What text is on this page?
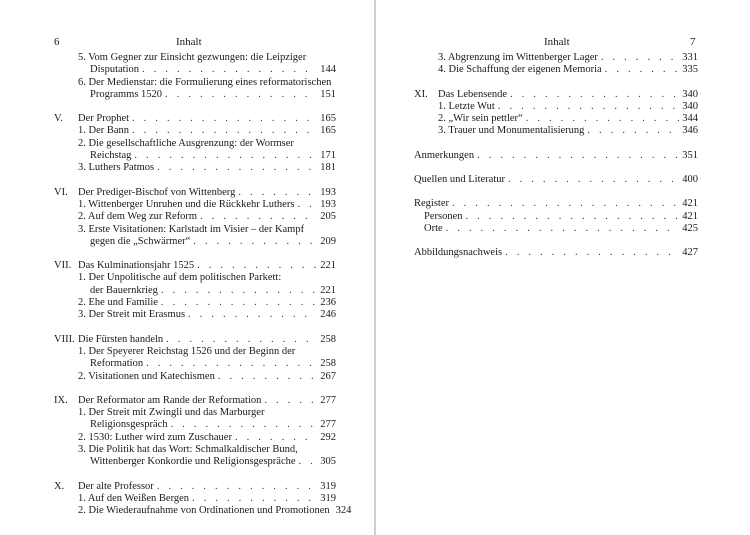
6	Inhalt
5. Vom Gegner zur Einsicht gezwungen: die Leipziger
Disputation . . .	144
6. Der Medienstar: die Formulierung eines reformatorischen
Programms 1520 . . .	151
V. Der Prophet . . .	165
1. Der Bann . . .	165
2. Die gesellschaftliche Ausgrenzung: der Wormser
Reichstag . . .	171
3. Luthers Patmos . . .	181
VI. Der Prediger-Bischof von Wittenberg . . .	193
1. Wittenberger Unruhen und die Rückkehr Luthers . . . 193
2. Auf dem Weg zur Reform . . .	205
3. Erste Visitationen: Karlstadt im Visier – der Kampf
gegen die „Schwärmer“ . . .	209
VII. Das Kulminationsjahr 1525 . . .	221
1. Der Unpolitische auf dem politischen Parkett:
der Bauernkrieg . . .	221
2. Ehe und Familie . . .	236
3. Der Streit mit Erasmus . . .	246
VIII. Die Fürsten handeln . . .	258
1. Der Speyerer Reichstag 1526 und der Beginn der
Reformation . . .	258
2. Visitationen und Katechismen . . .	267
IX. Der Reformator am Rande der Reformation . . .	277
1. Der Streit mit Zwingli und das Marburger
Religionsgespräch . . .	277
2. 1530: Luther wird zum Zuschauer . . .	292
3. Die Politik hat das Wort: Schmalkaldischer Bund,
Wittenberger Konkordie und Religionsgespräche . . . 305
X. Der alte Professor . . .	319
1. Auf den Weißen Bergen . . .	319
2. Die Wiederaufnahme von Ordinationen und Promotionen 324
Inhalt	7
3. Abgrenzung im Wittenberger Lager . . .	331
4. Die Schaffung der eigenen Memoria . . .	335
XI. Das Lebensende . . .	340
1. Letzte Wut . . .	340
2. „Wir sein pettler“ . . .	344
3. Trauer und Monumentalisierung . . .	346
Anmerkungen . . .	351
Quellen und Literatur . . .	400
Register . . .	421
Personen . . .	421
Orte . . .	425
Abbildungsnachweis . . .	427
